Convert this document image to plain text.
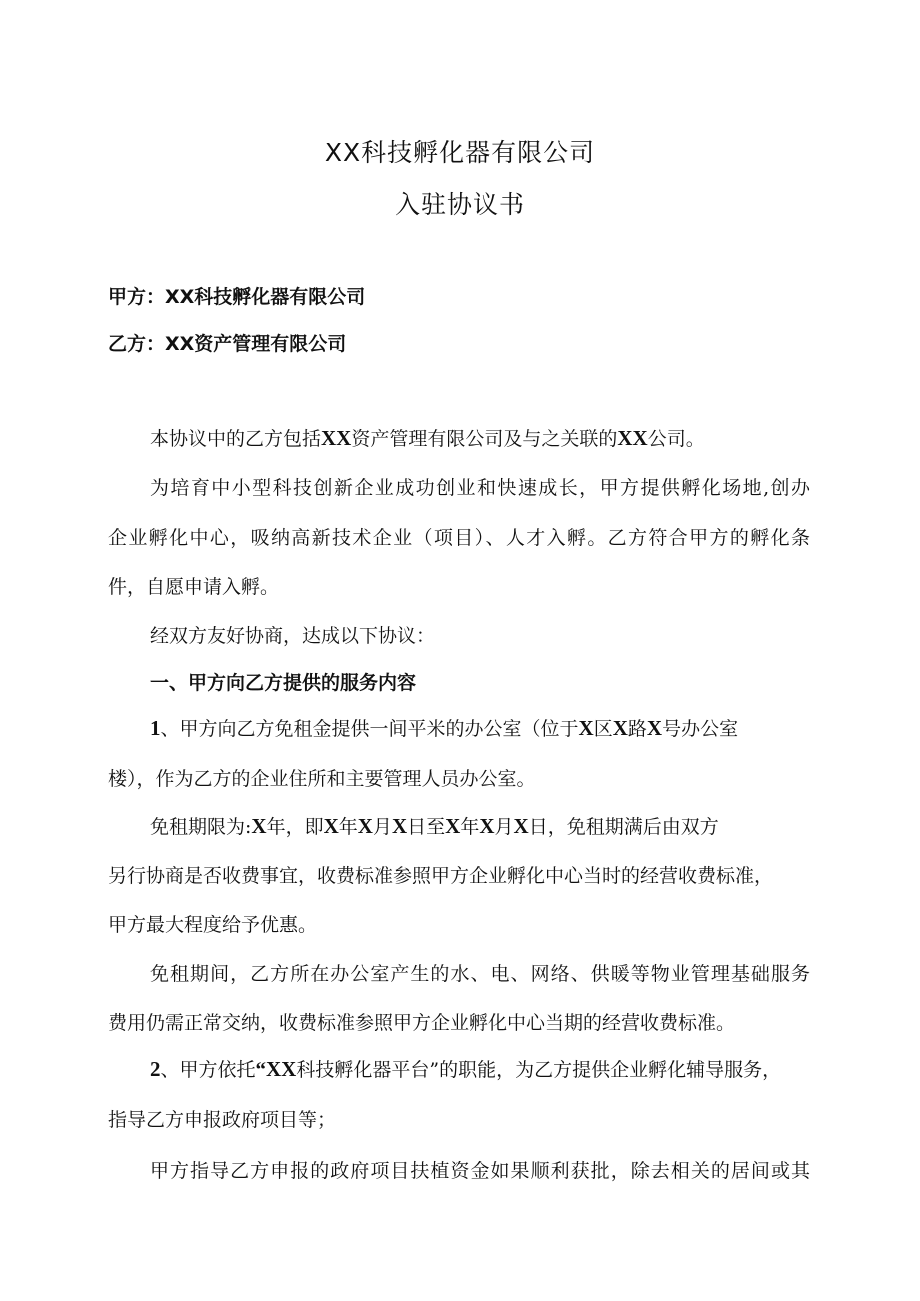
XX科技孵化器有限公司
入驻协议书
甲方：XX科技孵化器有限公司
乙方：XX资产管理有限公司
本协议中的乙方包括XX资产管理有限公司及与之关联的XX公司。
为培育中小型科技创新企业成功创业和快速成长，甲方提供孵化场地,创办
企业孵化中心，吸纳高新技术企业（项目）、人才入孵。乙方符合甲方的孵化条
件，自愿申请入孵。
经双方友好协商，达成以下协议：
一、甲方向乙方提供的服务内容
1、甲方向乙方免租金提供一间平米的办公室（位于X区X路X号办公室
楼），作为乙方的企业住所和主要管理人员办公室。
免租期限为:X年，即X年X月X日至X年X月X日，免租期满后由双方
另行协商是否收费事宜，收费标准参照甲方企业孵化中心当时的经营收费标准，
甲方最大程度给予优惠。
免租期间，乙方所在办公室产生的水、电、网络、供暖等物业管理基础服务
费用仍需正常交纳，收费标准参照甲方企业孵化中心当期的经营收费标准。
2、甲方依托“XX科技孵化器平台”的职能，为乙方提供企业孵化辅导服务，
指导乙方申报政府项目等；
甲方指导乙方申报的政府项目扶植资金如果顺利获批，除去相关的居间或其
